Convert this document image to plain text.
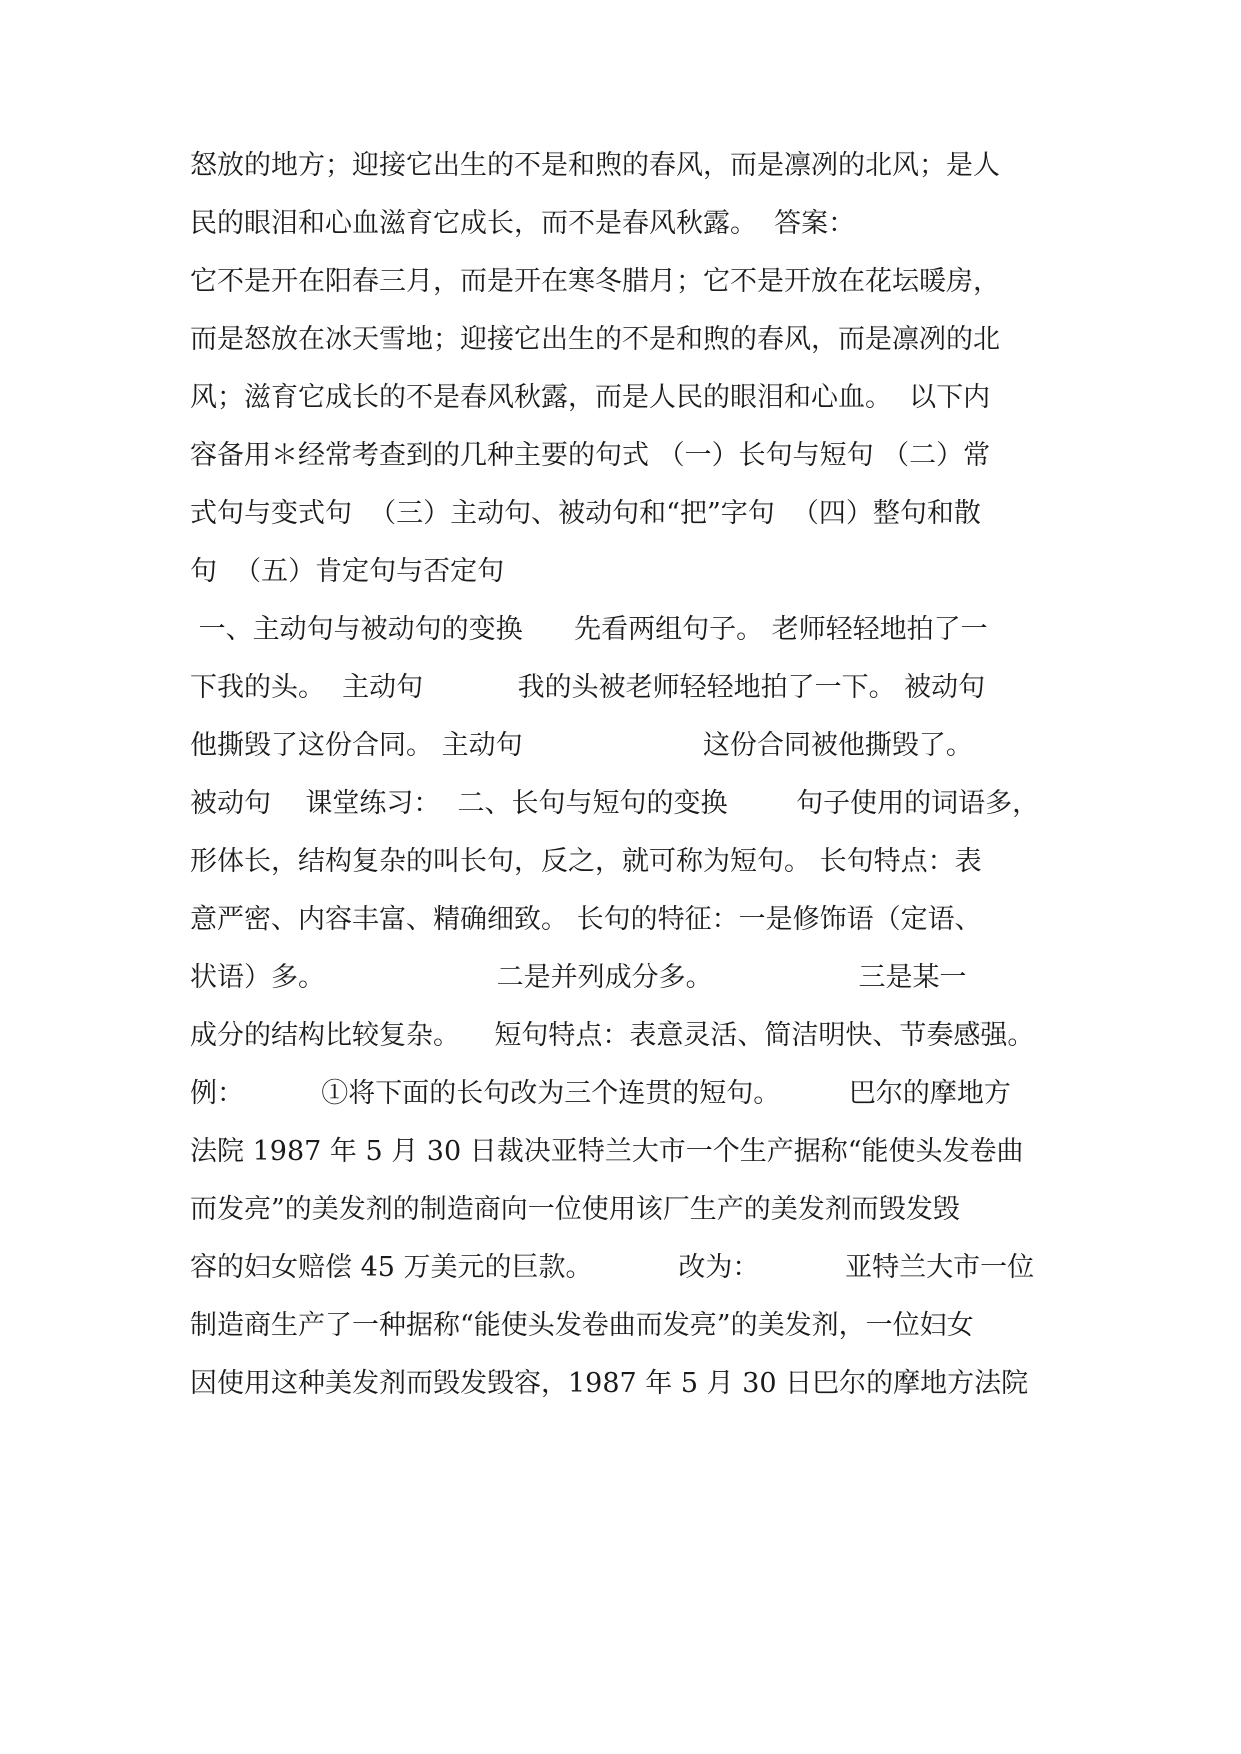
怒放的地方；迎接它出生的不是和煦的春风，而是凛冽的北风；是人
民的眼泪和心血滋育它成长，而不是春风秋露。  答案：
它不是开在阳春三月，而是开在寒冬腊月；它不是开放在花坛暖房，
而是怒放在冰天雪地；迎接它出生的不是和煦的春风，而是凛冽的北
风；滋育它成长的不是春风秋露，而是人民的眼泪和心血。  以下内
容备用＊经常考查到的几种主要的句式 （一）长句与短句 （二）常
式句与变式句  （三）主动句、被动句和“把”字句  （四）整句和散
句  （五）肯定句与否定句
一、主动句与被动句的变换      先看两组句子。 老师轻轻地拍了一
下我的头。  主动句           我的头被老师轻轻地拍了一下。 被动句
他撕毁了这份合同。 主动句                     这份合同被他撕毁了。
被动句    课堂练习：  二、长句与短句的变换        句子使用的词语多，
形体长，结构复杂的叫长句，反之，就可称为短句。 长句特点：表
意严密、内容丰富、精确细致。 长句的特征：一是修饰语（定语、
状语）多。                    二是并列成分多。                 三是某一
成分的结构比较复杂。    短句特点：表意灵活、简洁明快、节奏感强。
例：         ①将下面的长句改为三个连贯的短句。        巴尔的摩地方
法院 1987 年 5 月 30 日裁决亚特兰大市一个生产据称“能使头发卷曲
而发亮”的美发剂的制造商向一位使用该厂生产的美发剂而毁发毁
容的妇女赔偿 45 万美元的巨款。          改为：          亚特兰大市一位
制造商生产了一种据称“能使头发卷曲而发亮”的美发剂，一位妇女
因使用这种美发剂而毁发毁容，1987 年 5 月 30 日巴尔的摩地方法院
